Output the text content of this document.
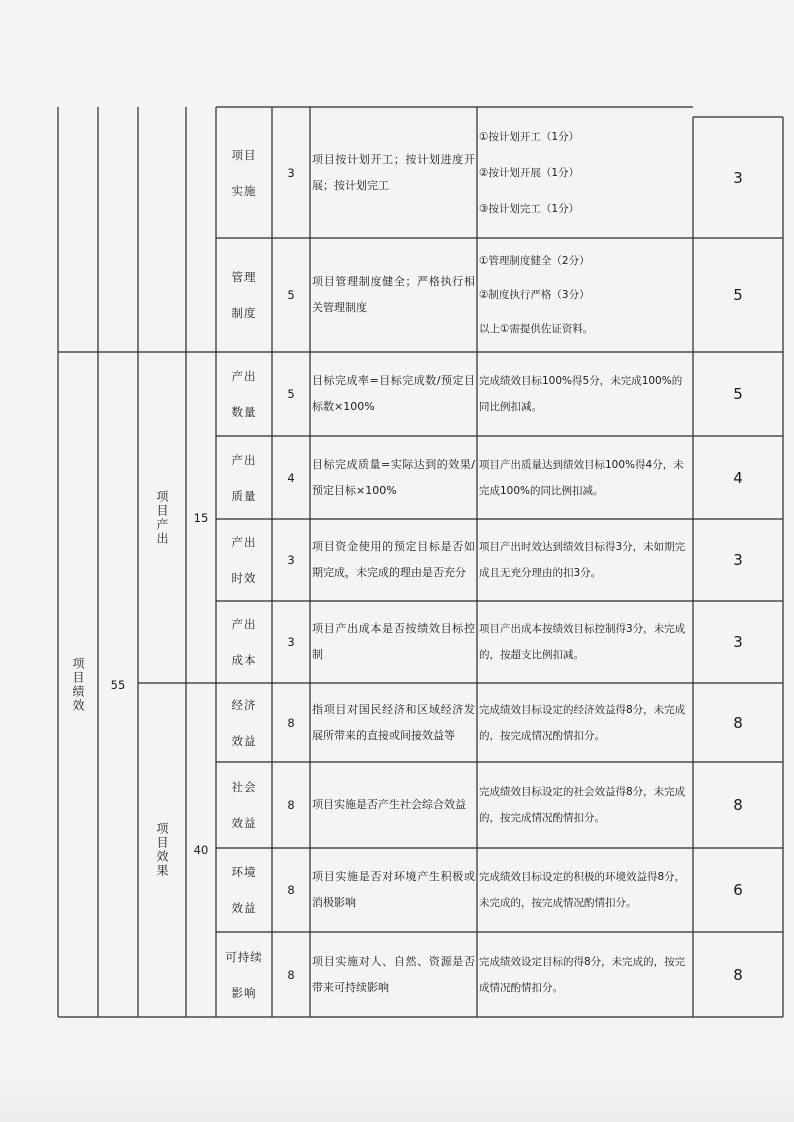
项目绩效 55
项目产出 15
项目效果 40
项目
实施
3
项目按计划开工；按计划进度开展；按计划完工
①按计划开工（1分）
②按计划开展（1分）
③按计划完工（1分）
3
管理
制度
5
项目管理制度健全；严格执行相关管理制度
①管理制度健全（2分）
②制度执行严格（3分）
以上①需提供佐证资料。
5
产出
数量
5
目标完成率=目标完成数/预定目标数×100%
完成绩效目标100%得5分，未完成100%的同比例扣减。
5
产出
质量
4
目标完成质量=实际达到的效果/预定目标×100%
项目产出质量达到绩效目标100%得4分，未完成100%的同比例扣减。
4
产出
时效
3
项目资金使用的预定目标是否如期完成，未完成的理由是否充分
项目产出时效达到绩效目标得3分，未如期完成且无充分理由的扣3分。
3
产出
成本
3
项目产出成本是否按绩效目标控制
项目产出成本按绩效目标控制得3分，未完成的，按超支比例扣减。
3
经济
效益
8
指项目对国民经济和区域经济发展所带来的直接或间接效益等
完成绩效目标设定的经济效益得8分，未完成的，按完成情况酌情扣分。
8
社会
效益
8 项目实施是否产生社会综合效益
完成绩效目标设定的社会效益得8分，未完成的，按完成情况酌情扣分。
8
环境
效益
8
项目实施是否对环境产生积极或消极影响
完成绩效目标设定的积极的环境效益得8分，未完成的，按完成情况酌情扣分。
6
可持续
影响
8
项目实施对人、自然、资源是否带来可持续影响
完成绩效设定目标的得8分，未完成的，按完成情况酌情扣分。
8
